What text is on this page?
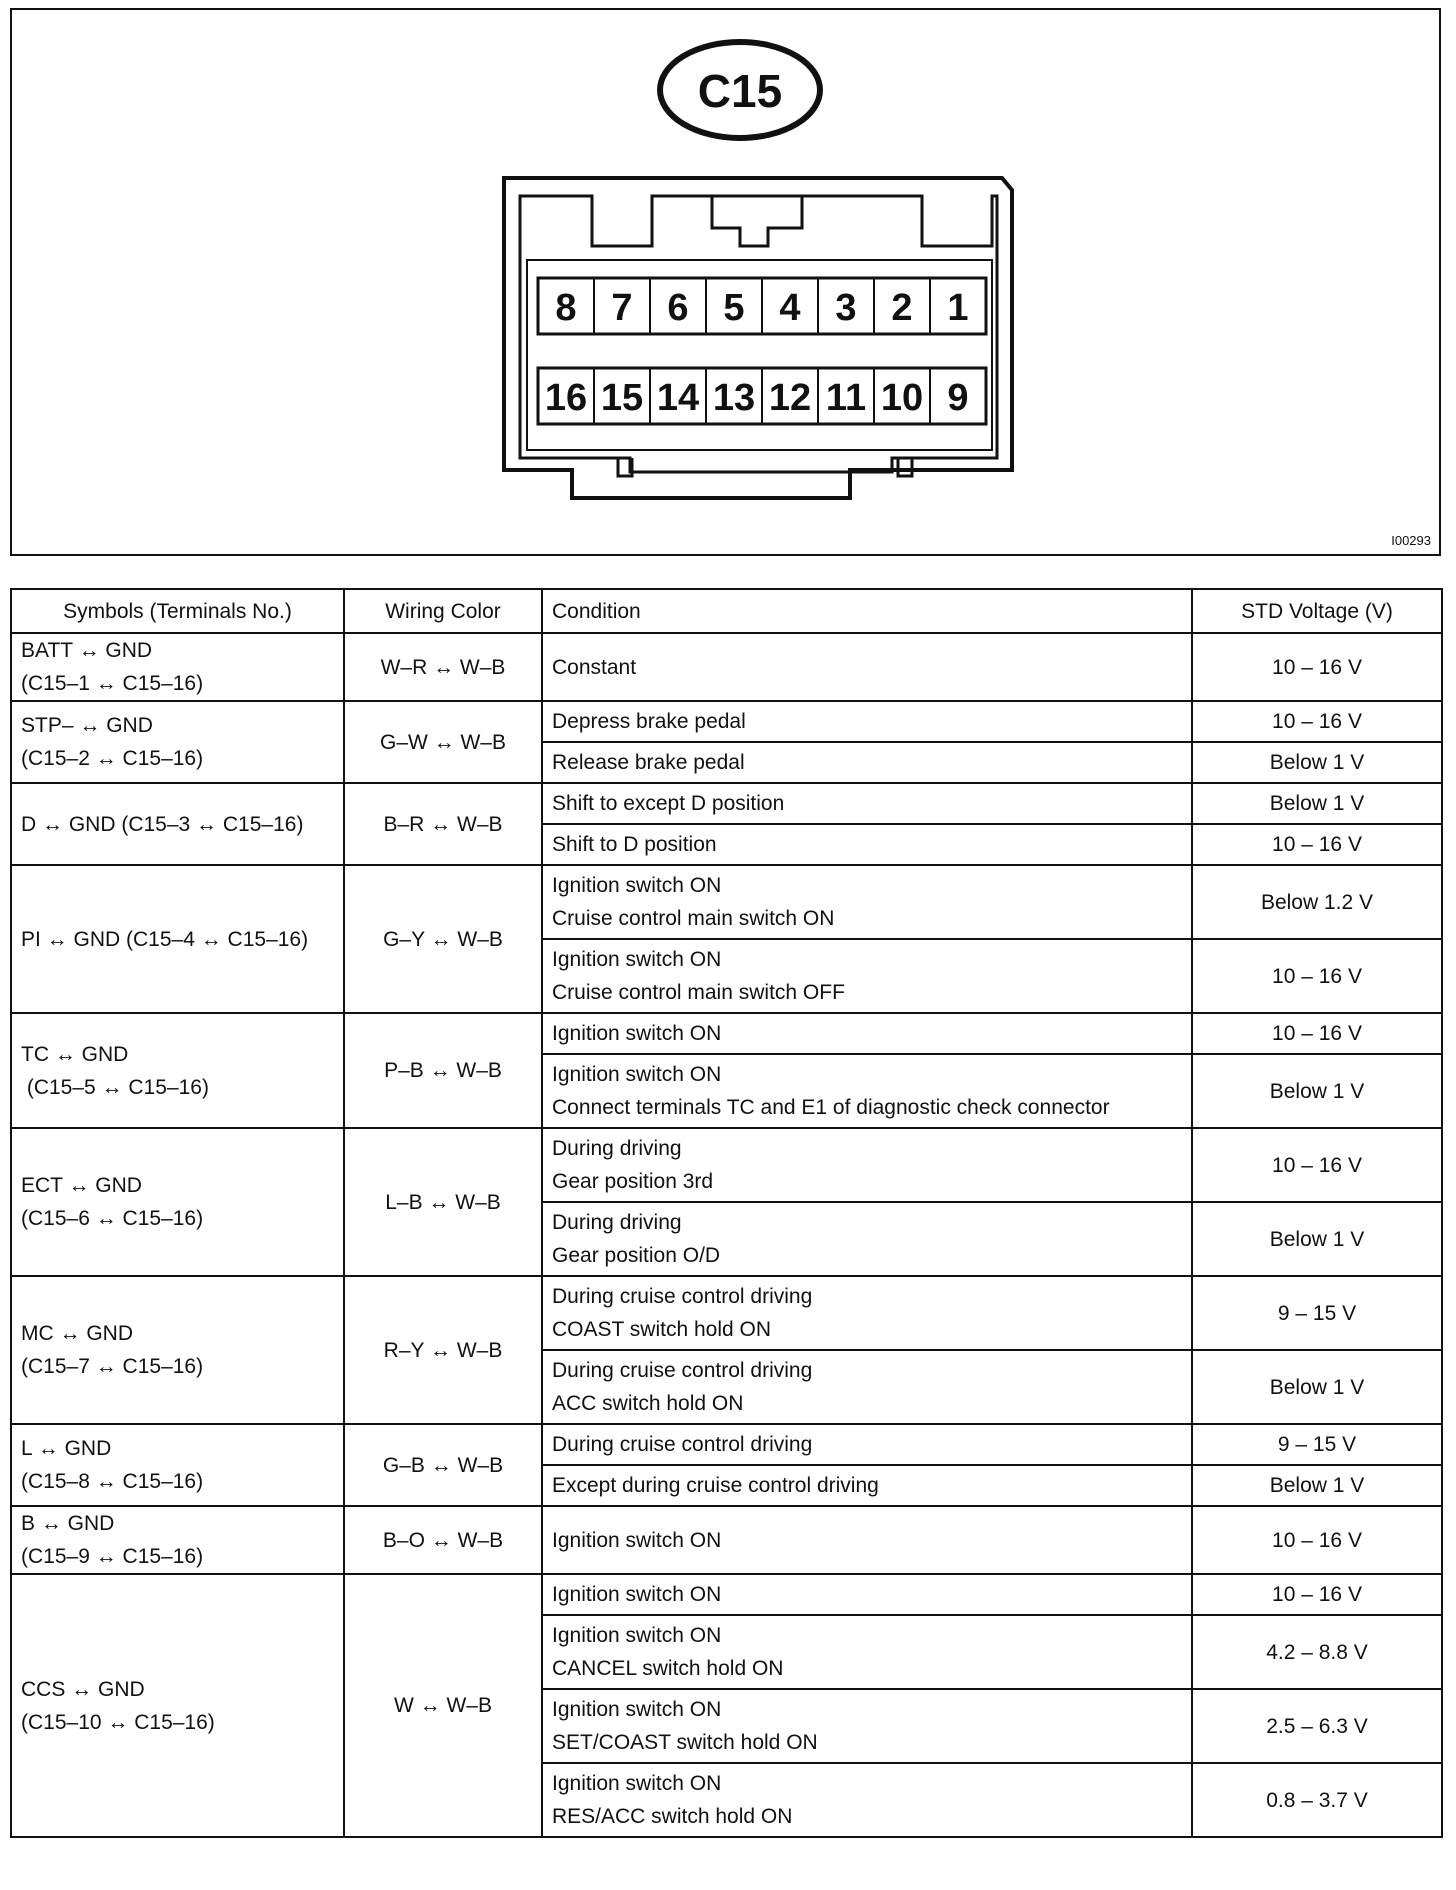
C15
8 7 6 5 4 3 2 1
16 15 14 13 12 11 10 9
I00293
Symbols (Terminals No.)	Wiring Color	Condition	STD Voltage (V)

BATT ↔ GND
(C15–1 ↔ C15–16)	W–R ↔ W–B	Constant	10 – 16 V

STP– ↔ GND
(C15–2 ↔ C15–16)	G–W ↔ W–B	Depress brake pedal	10 – 16 V

		Release brake pedal	Below 1 V

D ↔ GND (C15–3 ↔ C15–16)	B–R ↔ W–B	Shift to except D position	Below 1 V

		Shift to D position	10 – 16 V

PI ↔ GND (C15–4 ↔ C15–16)	G–Y ↔ W–B	Ignition switch ON
Cruise control main switch ON	Below 1.2 V

		Ignition switch ON
Cruise control main switch OFF	10 – 16 V

TC ↔ GND
(C15–5 ↔ C15–16)	P–B ↔ W–B	Ignition switch ON	10 – 16 V

		Ignition switch ON
Connect terminals TC and E1 of diagnostic check connector	Below 1 V

ECT ↔ GND
(C15–6 ↔ C15–16)	L–B ↔ W–B	During driving
Gear position 3rd	10 – 16 V

		During driving
Gear position O/D	Below 1 V

MC ↔ GND
(C15–7 ↔ C15–16)	R–Y ↔ W–B	During cruise control driving
COAST switch hold ON	9 – 15 V

		During cruise control driving
ACC switch hold ON	Below 1 V

L ↔ GND
(C15–8 ↔ C15–16)	G–B ↔ W–B	During cruise control driving	9 – 15 V

		Except during cruise control driving	Below 1 V

B ↔ GND
(C15–9 ↔ C15–16)	B–O ↔ W–B	Ignition switch ON	10 – 16 V

CCS ↔ GND
(C15–10 ↔ C15–16)	W ↔ W–B	Ignition switch ON	10 – 16 V

		Ignition switch ON
CANCEL switch hold ON	4.2 – 8.8 V

		Ignition switch ON
SET/COAST switch hold ON	2.5 – 6.3 V

		Ignition switch ON
RES/ACC switch hold ON	0.8 – 3.7 V
